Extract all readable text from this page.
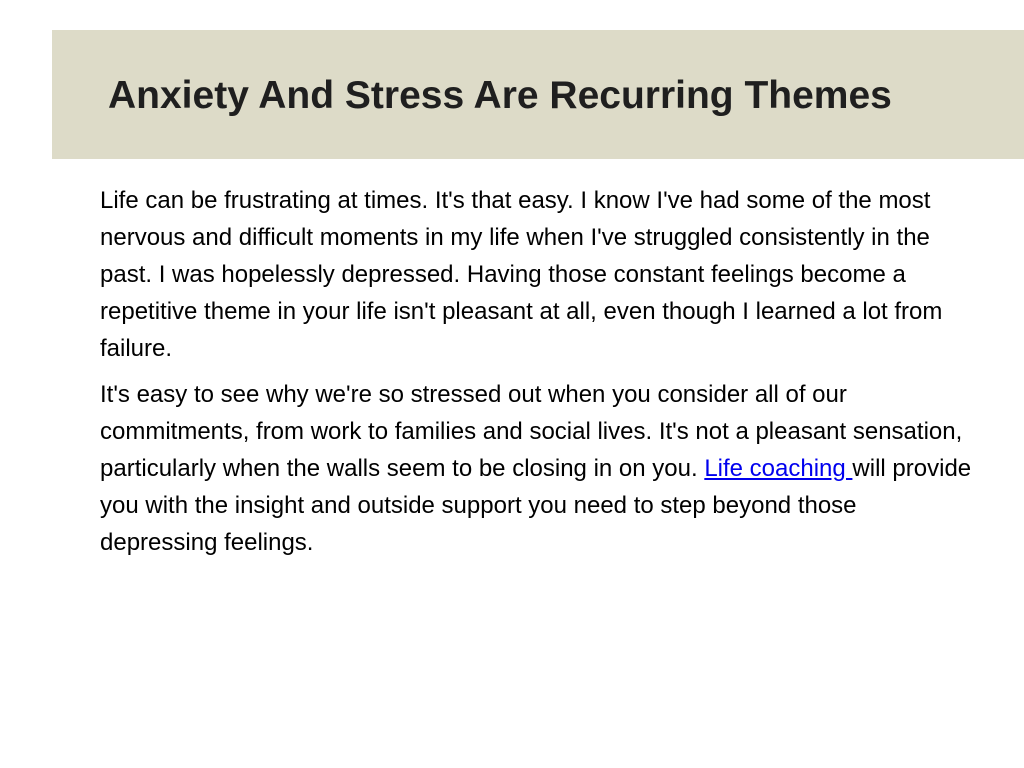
Anxiety And Stress Are Recurring Themes

Life can be frustrating at times. It's that easy. I know I've had some of the most nervous and difficult moments in my life when I've struggled consistently in the past. I was hopelessly depressed. Having those constant feelings become a repetitive theme in your life isn't pleasant at all, even though I learned a lot from failure.

It's easy to see why we're so stressed out when you consider all of our commitments, from work to families and social lives. It's not a pleasant sensation, particularly when the walls seem to be closing in on you. Life coaching will provide you with the insight and outside support you need to step beyond those depressing feelings.
